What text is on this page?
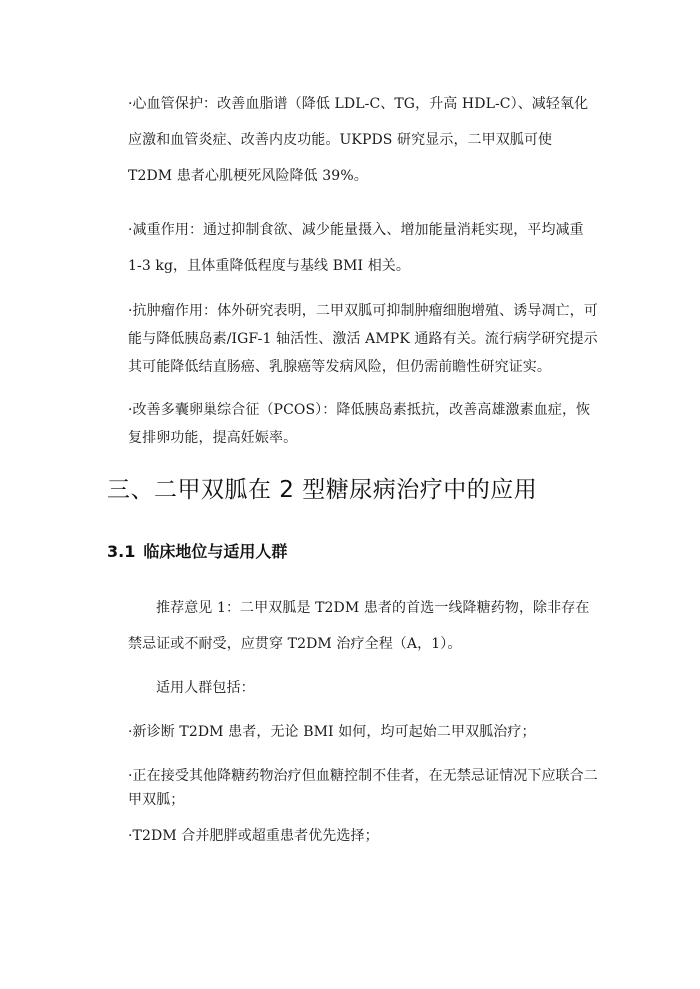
·心血管保护：改善血脂谱（降低 LDL-C、TG，升高 HDL-C）、减轻氧化应激和血管炎症、改善内皮功能。UKPDS 研究显示，二甲双胍可使 T2DM 患者心肌梗死风险降低 39%。

·减重作用：通过抑制食欲、减少能量摄入、增加能量消耗实现，平均减重 1-3 kg，且体重降低程度与基线 BMI 相关。

·抗肿瘤作用：体外研究表明，二甲双胍可抑制肿瘤细胞增殖、诱导凋亡，可能与降低胰岛素/IGF-1 轴活性、激活 AMPK 通路有关。流行病学研究提示其可能降低结直肠癌、乳腺癌等发病风险，但仍需前瞻性研究证实。

·改善多囊卵巢综合征（PCOS）：降低胰岛素抵抗，改善高雄激素血症，恢复排卵功能，提高妊娠率。

三、二甲双胍在 2 型糖尿病治疗中的应用
3.1 临床地位与适用人群

推荐意见 1：二甲双胍是 T2DM 患者的首选一线降糖药物，除非存在禁忌证或不耐受，应贯穿 T2DM 治疗全程（A，1）。

适用人群包括：

·新诊断 T2DM 患者，无论 BMI 如何，均可起始二甲双胍治疗；

·正在接受其他降糖药物治疗但血糖控制不佳者，在无禁忌证情况下应联合二甲双胍；

·T2DM 合并肥胖或超重患者优先选择；
